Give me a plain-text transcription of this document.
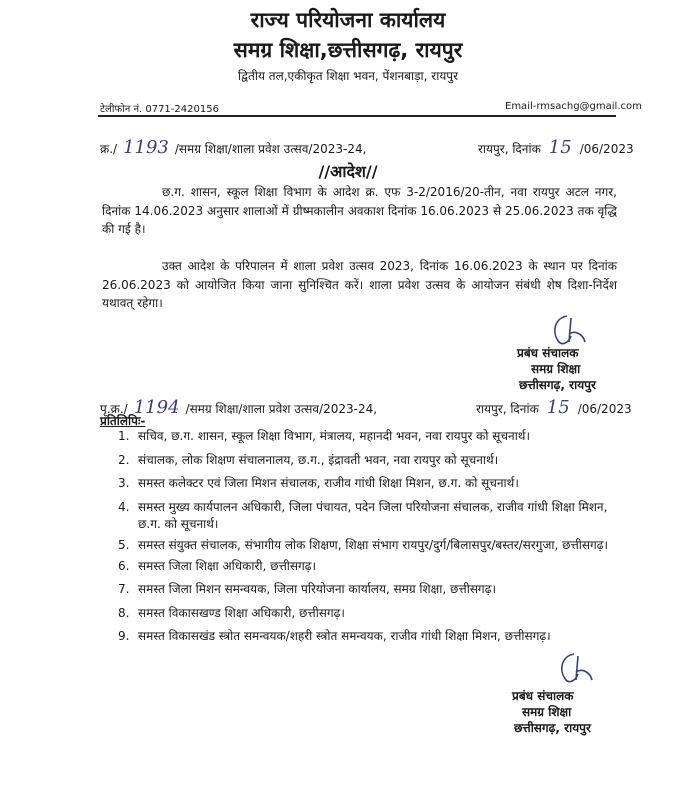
राज्य परियोजना कार्यालय
समग्र शिक्षा,छत्तीसगढ़, रायपुर
द्वितीय तल,एकीकृत शिक्षा भवन, पेंशनबाड़ा, रायपुर
टेलीफोन नं. 0771-2420156	Email-rmsachg@gmail.com
क्र./ 1193 /समग्र शिक्षा/शाला प्रवेश उत्सव/2023-24,	रायपुर, दिनांक 15 /06/2023
//आदेश//

छ.ग. शासन, स्कूल शिक्षा विभाग के आदेश क्र. एफ 3-2/2016/20-तीन, नवा रायपुर अटल नगर, दिनांक 14.06.2023 अनुसार शालाओं में ग्रीष्मकालीन अवकाश दिनांक 16.06.2023 से 25.06.2023 तक वृद्धि की गई है।

उक्त आदेश के परिपालन में शाला प्रवेश उत्सव 2023, दिनांक 16.06.2023 के स्थान पर दिनांक 26.06.2023 को आयोजित किया जाना सुनिश्चित करें। शाला प्रवेश उत्सव के आयोजन संबंधी शेष दिशा-निर्देश यथावत् रहेगा।

प्रबंध संचालक
समग्र शिक्षा
छत्तीसगढ़, रायपुर
पृ.क्र./ 1194 /समग्र शिक्षा/शाला प्रवेश उत्सव/2023-24,	रायपुर, दिनांक 15 /06/2023
प्रतिलिपिः-
1. सचिव, छ.ग. शासन, स्कूल शिक्षा विभाग, मंत्रालय, महानदी भवन, नवा रायपुर को सूचनार्थ।
2. संचालक, लोक शिक्षण संचालनालय, छ.ग., इंद्रावती भवन, नवा रायपुर को सूचनार्थ।
3. समस्त कलेक्टर एवं जिला मिशन संचालक, राजीव गांधी शिक्षा मिशन, छ.ग. को सूचनार्थ।
4. समस्त मुख्य कार्यपालन अधिकारी, जिला पंचायत, पदेन जिला परियोजना संचालक, राजीव गांधी शिक्षा मिशन, छ.ग. को सूचनार्थ।
5. समस्त संयुक्त संचालक, संभागीय लोक शिक्षण, शिक्षा संभाग रायपुर/दुर्ग/बिलासपुर/बस्तर/सरगुजा, छत्तीसगढ़।
6. समस्त जिला शिक्षा अधिकारी, छत्तीसगढ़।
7. समस्त जिला मिशन समन्वयक, जिला परियोजना कार्यालय, समग्र शिक्षा, छत्तीसगढ़।
8. समस्त विकासखण्ड शिक्षा अधिकारी, छत्तीसगढ़।
9. समस्त विकासखंड स्त्रोत समन्वयक/शहरी स्त्रोत समन्वयक, राजीव गांधी शिक्षा मिशन, छत्तीसगढ़।
प्रबंध संचालक
समग्र शिक्षा
छत्तीसगढ़, रायपुर
